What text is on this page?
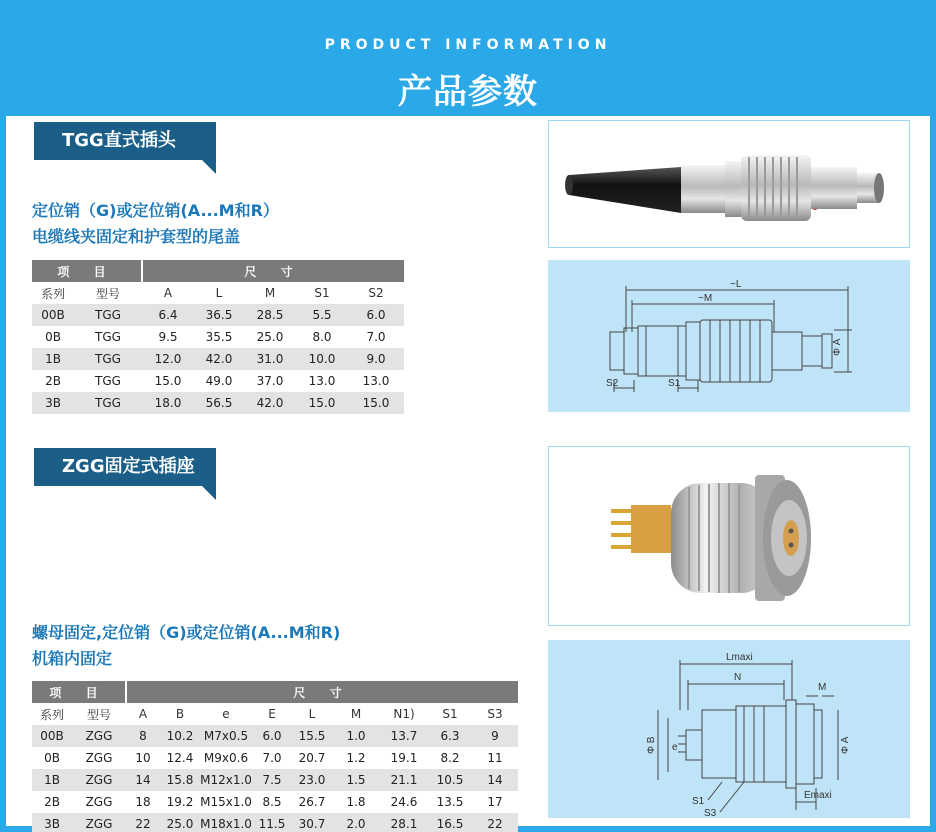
PRODUCT INFORMATION
产品参数
TGG直式插头
定位销（G)或定位销(A...M和R）
电缆线夹固定和护套型的尾盖
项 目		尺 寸				
系列	型号	A	L	M	S1	S2
00B	TGG	6.4	36.5	28.5	5.5	6.0
0B	TGG	9.5	35.5	25.0	8.0	7.0
1B	TGG	12.0	42.0	31.0	10.0	9.0
2B	TGG	15.0	49.0	37.0	13.0	13.0
3B	TGG	18.0	56.5	42.0	15.0	15.0
~L
~M
Φ A
S2	S1
ZGG固定式插座
螺母固定,定位销（G)或定位销(A...M和R)
机箱内固定
项 目		尺 寸								
系列	型号	A	B	e	E	L	M	N1)	S1	S3
00B	ZGG	8	10.2	M7x0.5	6.0	15.5	1.0	13.7	6.3	9
0B	ZGG	10	12.4	M9x0.6	7.0	20.7	1.2	19.1	8.2	11
1B	ZGG	14	15.8	M12x1.0	7.5	23.0	1.5	21.1	10.5	14
2B	ZGG	18	19.2	M15x1.0	8.5	26.7	1.8	24.6	13.5	17
3B	ZGG	22	25.0	M18x1.0	11.5	30.7	2.0	28.1	16.5	22
Lmaxi
N
M
Φ B e	Φ A
S1
S3
Emaxi
